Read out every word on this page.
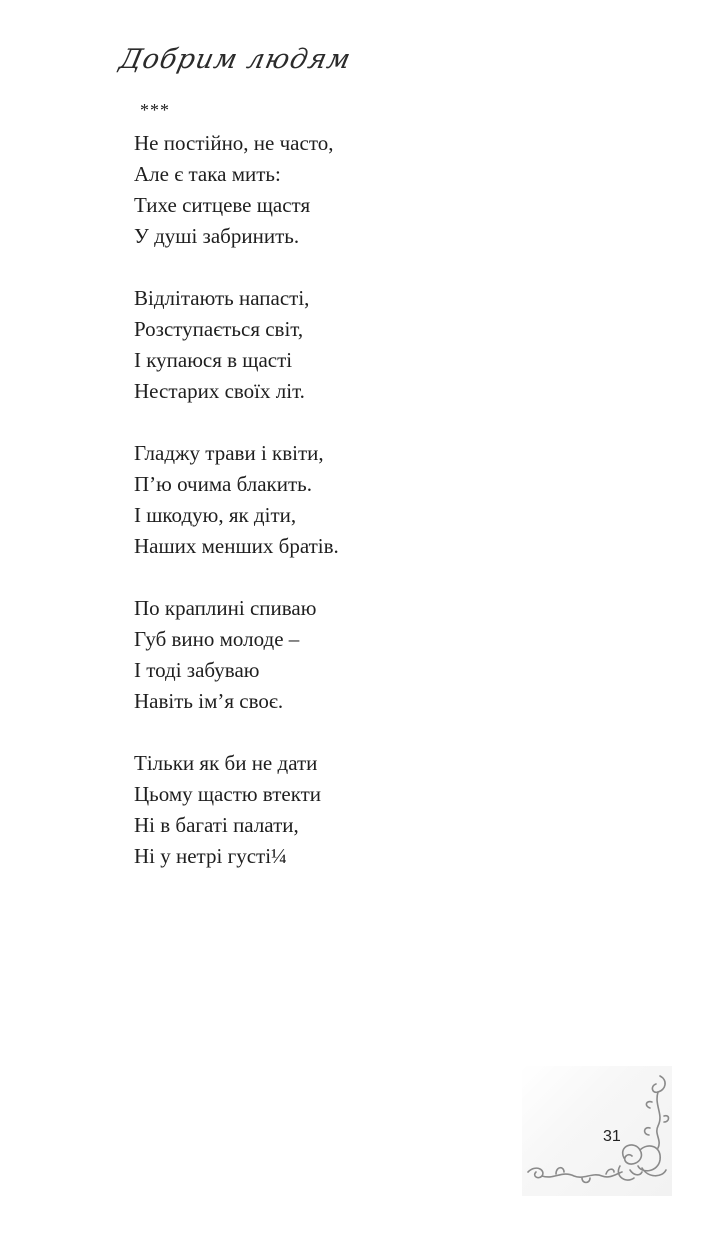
Добрим людям
***
Не постійно, не часто,
Але є така мить:
Тихе ситцеве щастя
У душі забринить.
Відлітають напасті,
Розступається світ,
І купаюся в щасті
Нестарих своїх літ.
Гладжу трави і квіти,
П’ю очима блакить.
І шкодую, як діти,
Наших менших братів.
По краплині спиваю
Губ вино молоде –
І тоді забуваю
Навіть ім’я своє.
Тільки як би не дати
Цьому щастю втекти
Ні в багаті палати,
Ні у нетрі густі¼
31
